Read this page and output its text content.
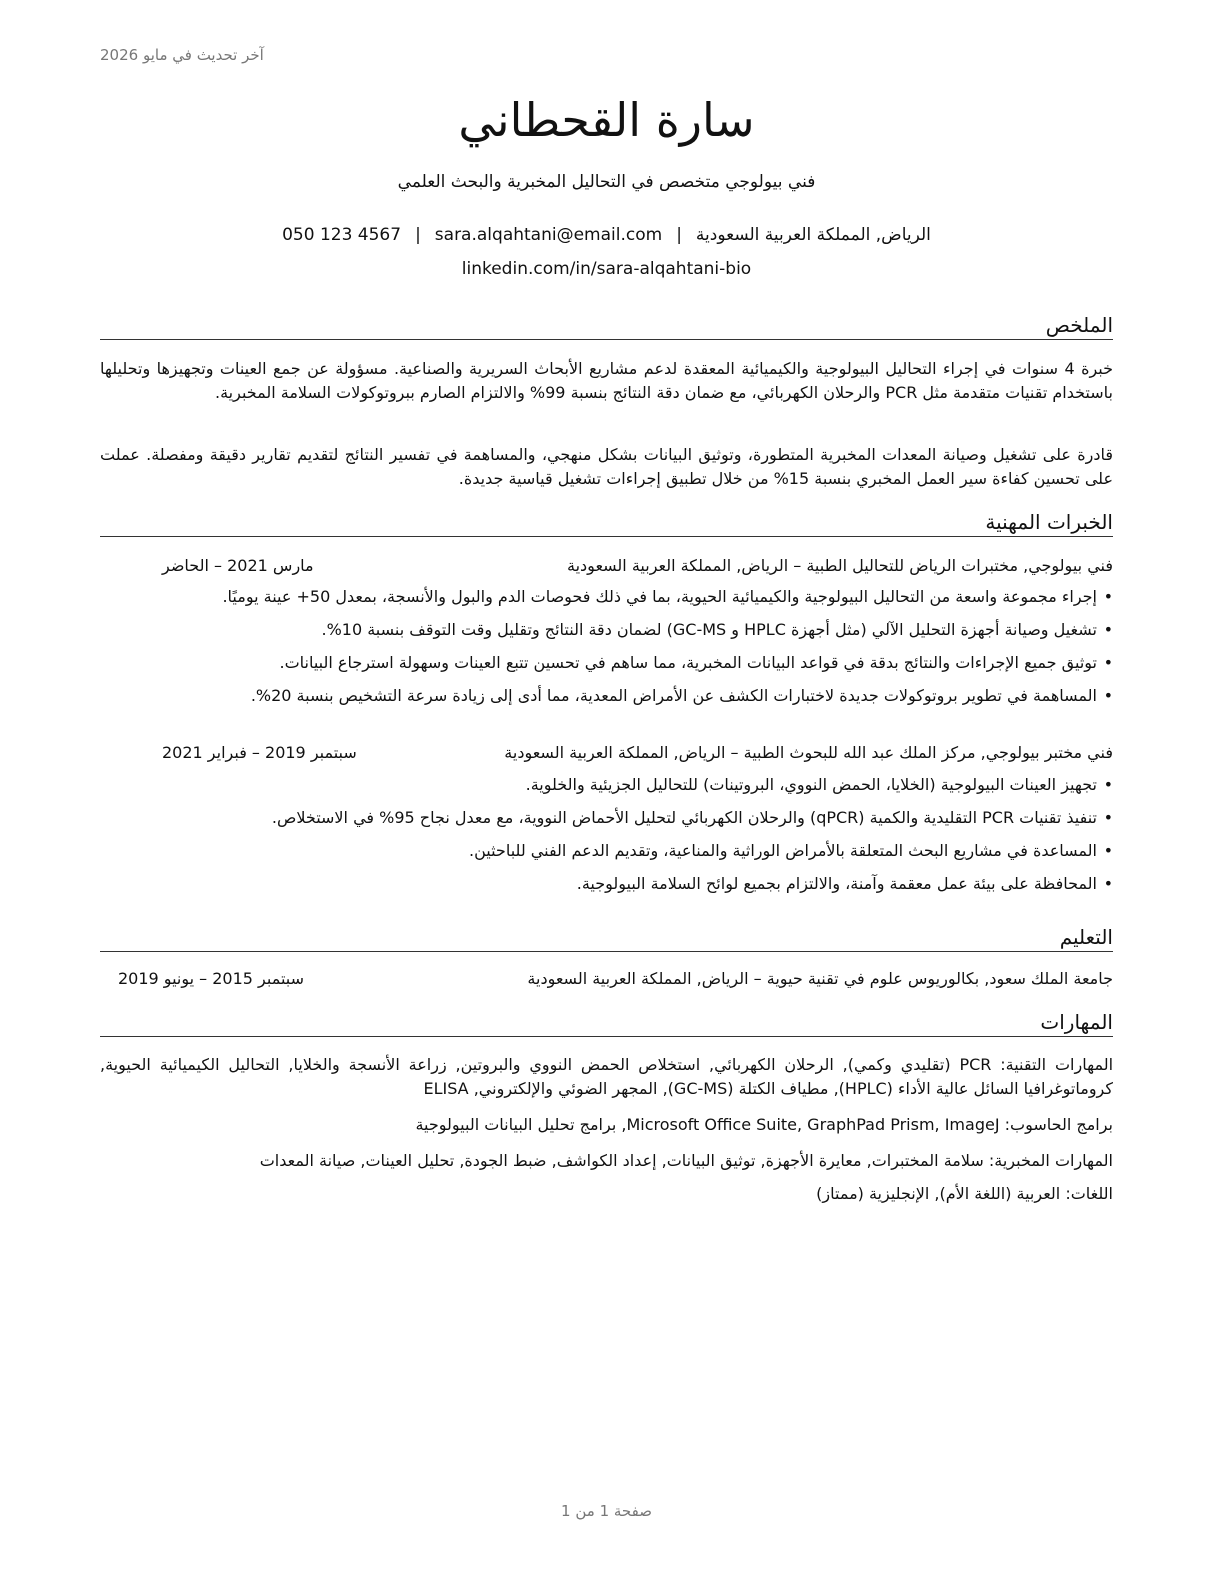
آخر تحديث في مايو 2026
سارة القحطاني
فني بيولوجي متخصص في التحاليل المخبرية والبحث العلمي
الرياض, المملكة العربية السعودية|sara.alqahtani@email.com|050 123 4567
linkedin.com/in/sara-alqahtani-bio
الملخص

خبرة 4 سنوات في إجراء التحاليل البيولوجية والكيميائية المعقدة لدعم مشاريع الأبحاث السريرية والصناعية. مسؤولة عن جمع العينات وتجهيزها وتحليلها باستخدام تقنيات متقدمة مثل PCR والرحلان الكهربائي، مع ضمان دقة النتائج بنسبة 99% والالتزام الصارم ببروتوكولات السلامة المخبرية.

قادرة على تشغيل وصيانة المعدات المخبرية المتطورة، وتوثيق البيانات بشكل منهجي، والمساهمة في تفسير النتائج لتقديم تقارير دقيقة ومفصلة. عملت على تحسين كفاءة سير العمل المخبري بنسبة 15% من خلال تطبيق إجراءات تشغيل قياسية جديدة.

الخبرات المهنية
فني بيولوجي, مختبرات الرياض للتحاليل الطبية – الرياض, المملكة العربية السعودية
مارس 2021 – الحاضر
• إجراء مجموعة واسعة من التحاليل البيولوجية والكيميائية الحيوية، بما في ذلك فحوصات الدم والبول والأنسجة، بمعدل 50+ عينة يوميًا.
• تشغيل وصيانة أجهزة التحليل الآلي (مثل أجهزة HPLC و GC-MS) لضمان دقة النتائج وتقليل وقت التوقف بنسبة 10%.
• توثيق جميع الإجراءات والنتائج بدقة في قواعد البيانات المخبرية، مما ساهم في تحسين تتبع العينات وسهولة استرجاع البيانات.
• المساهمة في تطوير بروتوكولات جديدة لاختبارات الكشف عن الأمراض المعدية، مما أدى إلى زيادة سرعة التشخيص بنسبة 20%.
فني مختبر بيولوجي, مركز الملك عبد الله للبحوث الطبية – الرياض, المملكة العربية السعودية
سبتمبر 2019 – فبراير 2021
• تجهيز العينات البيولوجية (الخلايا، الحمض النووي، البروتينات) للتحاليل الجزيئية والخلوية.
• تنفيذ تقنيات PCR التقليدية والكمية (qPCR) والرحلان الكهربائي لتحليل الأحماض النووية، مع معدل نجاح 95% في الاستخلاص.
• المساعدة في مشاريع البحث المتعلقة بالأمراض الوراثية والمناعية، وتقديم الدعم الفني للباحثين.
• المحافظة على بيئة عمل معقمة وآمنة، والالتزام بجميع لوائح السلامة البيولوجية.
التعليم
جامعة الملك سعود, بكالوريوس علوم في تقنية حيوية – الرياض, المملكة العربية السعودية
سبتمبر 2015 – يونيو 2019
المهارات

المهارات التقنية: PCR (تقليدي وكمي), الرحلان الكهربائي, استخلاص الحمض النووي والبروتين, زراعة الأنسجة والخلايا, التحاليل الكيميائية الحيوية, كروماتوغرافيا السائل عالية الأداء (HPLC), مطياف الكتلة (GC-MS), المجهر الضوئي والإلكتروني, ELISA

برامج الحاسوب: Microsoft Office Suite, GraphPad Prism, ImageJ, برامج تحليل البيانات البيولوجية

المهارات المخبرية: سلامة المختبرات, معايرة الأجهزة, توثيق البيانات, إعداد الكواشف, ضبط الجودة, تحليل العينات, صيانة المعدات

اللغات: العربية (اللغة الأم), الإنجليزية (ممتاز)

صفحة 1 من 1
